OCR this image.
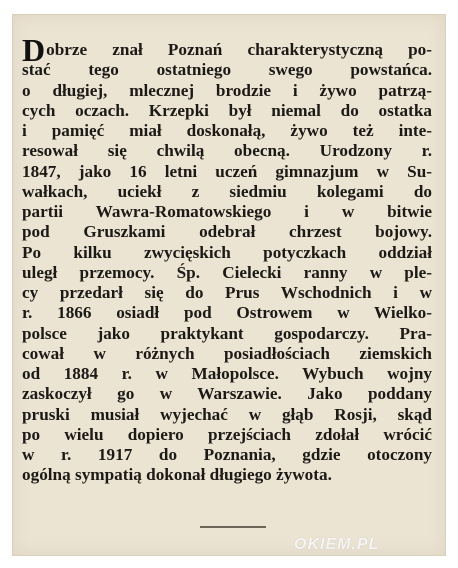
Dobrze znał Poznań charakterystyczną po-
stać tego ostatniego swego powstańca.
o długiej, mlecznej brodzie i żywo patrzą-
cych oczach. Krzepki był niemal do ostatka
i pamięć miał doskonałą, żywo też inte-
resował się chwilą obecną. Urodzony r.
1847, jako 16 letni uczeń gimnazjum w Su-
wałkach, uciekł z siedmiu kolegami do
partii Wawra-Romatowskiego i w bitwie
pod Gruszkami odebrał chrzest bojowy.
Po kilku zwycięskich potyczkach oddział
uległ przemocy. Śp. Cielecki ranny w ple-
cy przedarł się do Prus Wschodnich i w
r. 1866 osiadł pod Ostrowem w Wielko-
polsce jako praktykant gospodarczy. Pra-
cował w różnych posiadłościach ziemskich
od 1884 r. w Małopolsce. Wybuch wojny
zaskoczył go w Warszawie. Jako poddany
pruski musiał wyjechać w głąb Rosji, skąd
po wielu dopiero przejściach zdołał wrócić
w r. 1917 do Poznania, gdzie otoczony
ogólną sympatią dokonał długiego żywota.
OKIEM.PL
